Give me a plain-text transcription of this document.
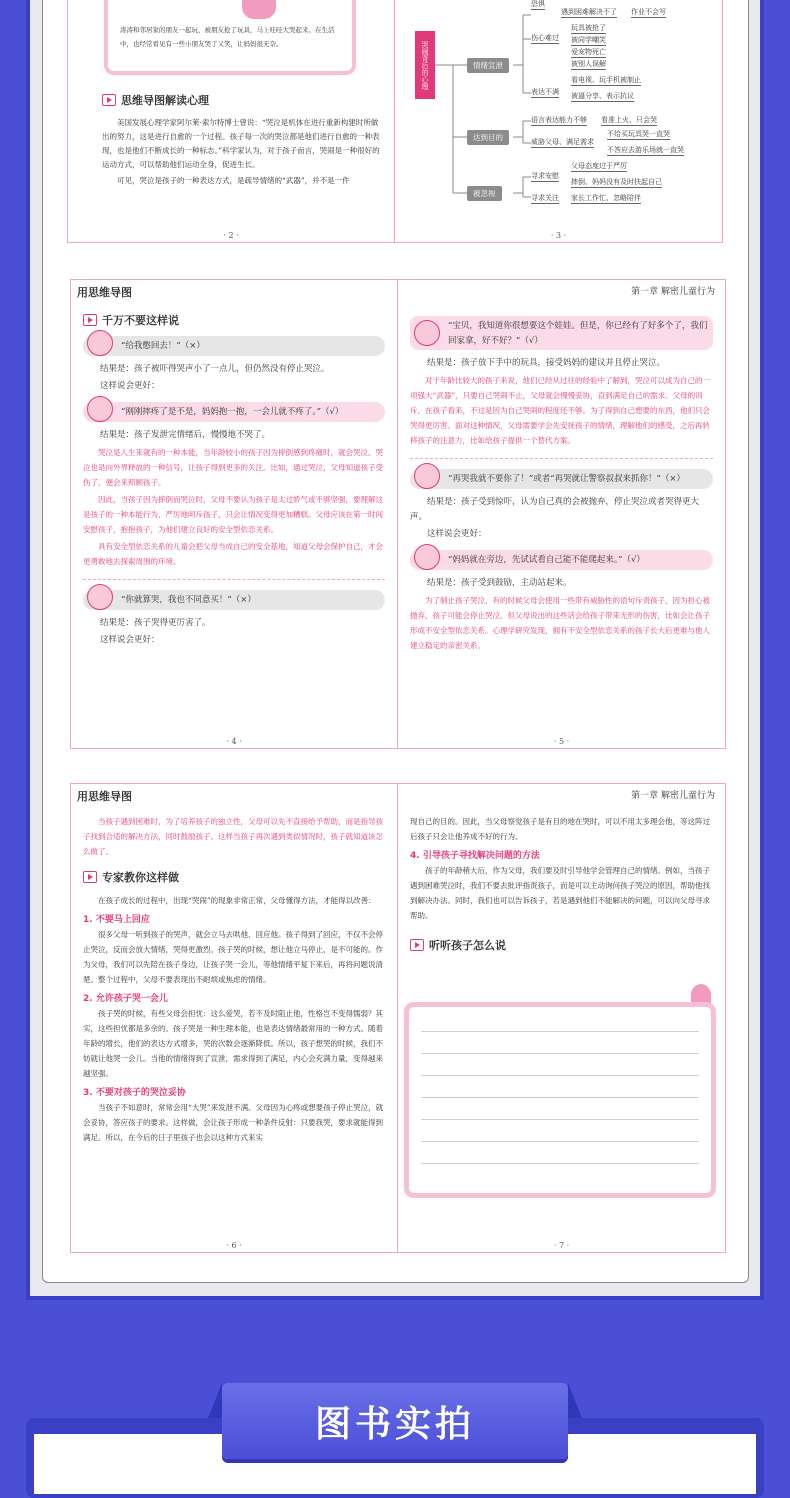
涛涛和邻居家的朋友一起玩，被朋友抢了玩具，马上哇哇大哭起来。在生活

中，也经常看见有一些小朋友哭了又笑，让妈妈很无奈。

思维导图解读心理

美国发展心理学家阿尔莱·索尔特博士曾说：“哭泣是机体在进行重新构建时所做出的努力，这是进行自愈的一个过程。孩子每一次的哭泣都是他们进行自愈的一种表现，也是他们不断成长的一种标志。”科学家认为，对于孩子而言，哭闹是一种很好的运动方式，可以帮助他们运动全身，促进生长。

可见，哭泣是孩子的一种表达方式，是疏导情绪的“武器”，并不是一件

· 2 ·
哭闹背后的心理	情绪宣泄
达到目的
被忽视
恐惧
遇到困难解决不了 作业不会写
伤心难过
玩具被抢了
被同学嘲笑
爱宠物死亡
被别人误解
表达不满
看电视、玩手机被制止
被逼分享、表示抗议
语言表达能力不够 看准上火、只会哭
威胁父母、满足需求
不给买玩具哭一直哭
不答应去游乐场就一直哭
寻求安慰
父母态度过于严厉
摔倒、妈妈没有及时扶起自己
寻求关注 家长工作忙、忽略陪伴
· 3 ·
用思维导图
千万不要这样说
“给我憋回去！”（×）

结果是：孩子被吓得哭声小了一点儿，但仍然没有停止哭泣。

这样说会更好：

“刚刚摔疼了是不是，妈妈抱一抱，一会儿就不疼了。”（√）

结果是：孩子发泄完情绪后，慢慢地不哭了。

哭泣是人生来就有的一种本能，当年龄较小的孩子因为摔倒感到疼痛时，就会哭泣。哭泣也是向外界释放的一种信号，让孩子得到更多的关注。比如，通过哭泣，父母知道孩子受伤了，便会来照顾孩子。

因此，当孩子因为摔倒而哭泣时，父母不要认为孩子是太过娇气或不够坚强，要理解这是孩子的一种本能行为，严厉地呵斥孩子，只会让情况变得更加糟糕。父母应该在第一时间安慰孩子，抱抱孩子，为他们建立良好的安全型依恋关系。

具有安全型依恋关系的儿童会把父母当成自己的安全基地，知道父母会保护自己，才会更勇敢地去探索周围的环境。

“你就算哭，我也不同意买！”（×）

结果是：孩子哭得更厉害了。

这样说会更好：

· 4 ·
第一章 解密儿童行为
“宝贝，我知道你很想要这个娃娃。但是，你已经有了好多个了，我们回家拿，好不好？”（√）

结果是：孩子放下手中的玩具，接受妈妈的建议并且停止哭泣。

对于年龄比较大的孩子来说，他们已经从过往的经验中了解到，哭泣可以成为自己的一项强大“武器”，只要自己哭闹不止，父母就会慢慢妥协，直到满足自己的需求。父母的训斥，在孩子看来，不过是因为自己哭闹的程度还不够。为了得到自己想要的东西，他们只会哭得更厉害。面对这种情况，父母需要学会先安抚孩子的情绪，理解他们的感受，之后再转移孩子的注意力，比如给孩子提供一个替代方案。

“再哭我就不要你了！”或者“再哭就让警察叔叔来抓你！”（×）

结果是：孩子受到惊吓，认为自己真的会被抛弃，停止哭泣或者哭得更大声。

这样说会更好：

“妈妈就在旁边，先试试看自己能不能爬起来。”（√）

结果是：孩子受到鼓励，主动站起来。

为了制止孩子哭泣，有的时候父母会使用一些带有威胁性的语句斥责孩子，因为担心被抛弃，孩子可能会停止哭泣。但父母说出的这些话会给孩子带来无形的伤害，比如会让孩子形成不安全型依恋关系。心理学研究发现，拥有不安全型依恋关系的孩子长大后更难与他人建立稳定的亲密关系。

· 5 ·
用思维导图

当孩子遇到困难时，为了培养孩子的独立性，父母可以先不直接给予帮助，而是指导孩子找到合适的解决方法，同时鼓励孩子。这样当孩子再次遇到类似情况时，孩子就知道该怎么做了。

专家教你这样做

在孩子成长的过程中，出现“哭闹”的现象非常正常，父母懂得方法，才能得以改善：

1. 不要马上回应

很多父母一听到孩子的哭声，就会立马去哄他、回应他。孩子得到了回应，不仅不会停止哭泣，反而会放大情绪，哭得更激烈。孩子哭的时候，想让他立马停止，是不可能的。作为父母，我们可以先陪在孩子身边，让孩子哭一会儿，等他情绪平复下来后，再将问题说清楚。整个过程中，父母不要表现出不耐烦或焦虑的情绪。

2. 允许孩子哭一会儿

孩子哭的时候，有些父母会担忧：这么爱哭，若不及时阻止他，性格岂不变得懦弱？其实，这些担忧都是多余的。孩子哭是一种生理本能，也是表达情绪最常用的一种方式。随着年龄的增长，他们的表达方式增多，哭的次数会逐渐降低。所以，孩子想哭的时候，我们不妨就让他哭一会儿。当他的情绪得到了宣泄，需求得到了满足，内心会充满力量，变得越来越坚强。

3. 不要对孩子的哭泣妥协

当孩子不如意时，常常会用“大哭”来发泄不满。父母因为心疼或想要孩子停止哭泣，就会妥协，答应孩子的要求。这样做，会让孩子形成一种条件反射：只要我哭，要求就能得到满足。所以，在今后的日子里孩子也会以这种方式来实

· 6 ·
第一章 解密儿童行为

现自己的目的。因此，当父母察觉孩子是有目的地在哭时，可以不用太多理会他，等这阵过后孩子只会让他养成不好的行为。

4. 引导孩子寻找解决问题的方法

孩子的年龄稍大后，作为父母，我们要及时引导他学会管理自己的情绪。例如，当孩子遇到困难哭泣时，我们不要去批评指责孩子，而是可以主动询问孩子哭泣的原因，帮助他找到解决办法。同时，我们也可以告诉孩子，若是遇到他们不能解决的问题，可以向父母寻求帮助。

听听孩子怎么说
· 7 ·
图书实拍
